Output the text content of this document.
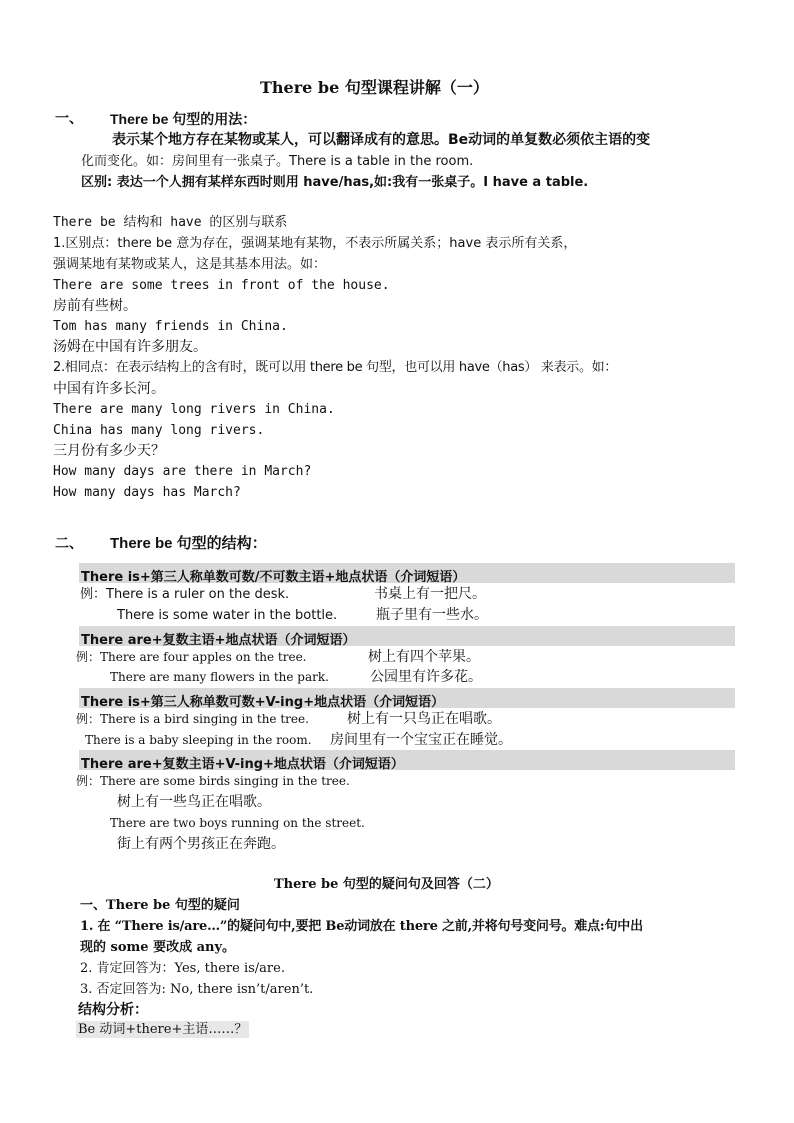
There be 句型课程讲解（一）
一、 There be 句型的用法：
表示某个地方存在某物或某人，可以翻译成有的意思。Be动词的单复数必须依主语的变
化而变化。如：房间里有一张桌子。There is a table in the room.
区别: 表达一个人拥有某样东西时则用 have/has,如:我有一张桌子。I have a table.
There be 结构和 have 的区别与联系
1.区别点：there be 意为存在，强调某地有某物，不表示所属关系；have 表示所有关系，
强调某地有某物或某人，这是其基本用法。如：
There are some trees in front of the house.
房前有些树。
Tom has many friends in China.
汤姆在中国有许多朋友。
2.相同点：在表示结构上的含有时，既可以用 there be 句型，也可以用 have（has） 来表示。如：
中国有许多长河。
There are many long rivers in China.
China has many long rivers.
三月份有多少天？
How many days are there in March?
How many days has March?
二、 There be 句型的结构：
There is+第三人称单数可数/不可数主语+地点状语（介词短语）
例：There is a ruler on the desk.	书桌上有一把尺。
There is some water in the bottle.	瓶子里有一些水。
There are+复数主语+地点状语（介词短语）
例：There are four apples on the tree.	树上有四个苹果。
There are many flowers in the park.	公园里有许多花。
There is+第三人称单数可数+V-ing+地点状语（介词短语）
例：There is a bird singing in the tree.	树上有一只鸟正在唱歌。
There is a baby sleeping in the room. 房间里有一个宝宝正在睡觉。
There are+复数主语+V-ing+地点状语（介词短语）
例：There are some birds singing in the tree.
树上有一些鸟正在唱歌。
There are two boys running on the street.
街上有两个男孩正在奔跑。
There be 句型的疑问句及回答（二）
一、There be 句型的疑问
1. 在 “There is/are…”的疑问句中,要把 Be动词放在 there 之前,并将句号变问号。难点:句中出
现的 some 要改成 any。
2. 肯定回答为：Yes, there is/are.
3. 否定回答为: No, there isn’t/aren’t.
结构分析：
Be 动词+there+主语……？
